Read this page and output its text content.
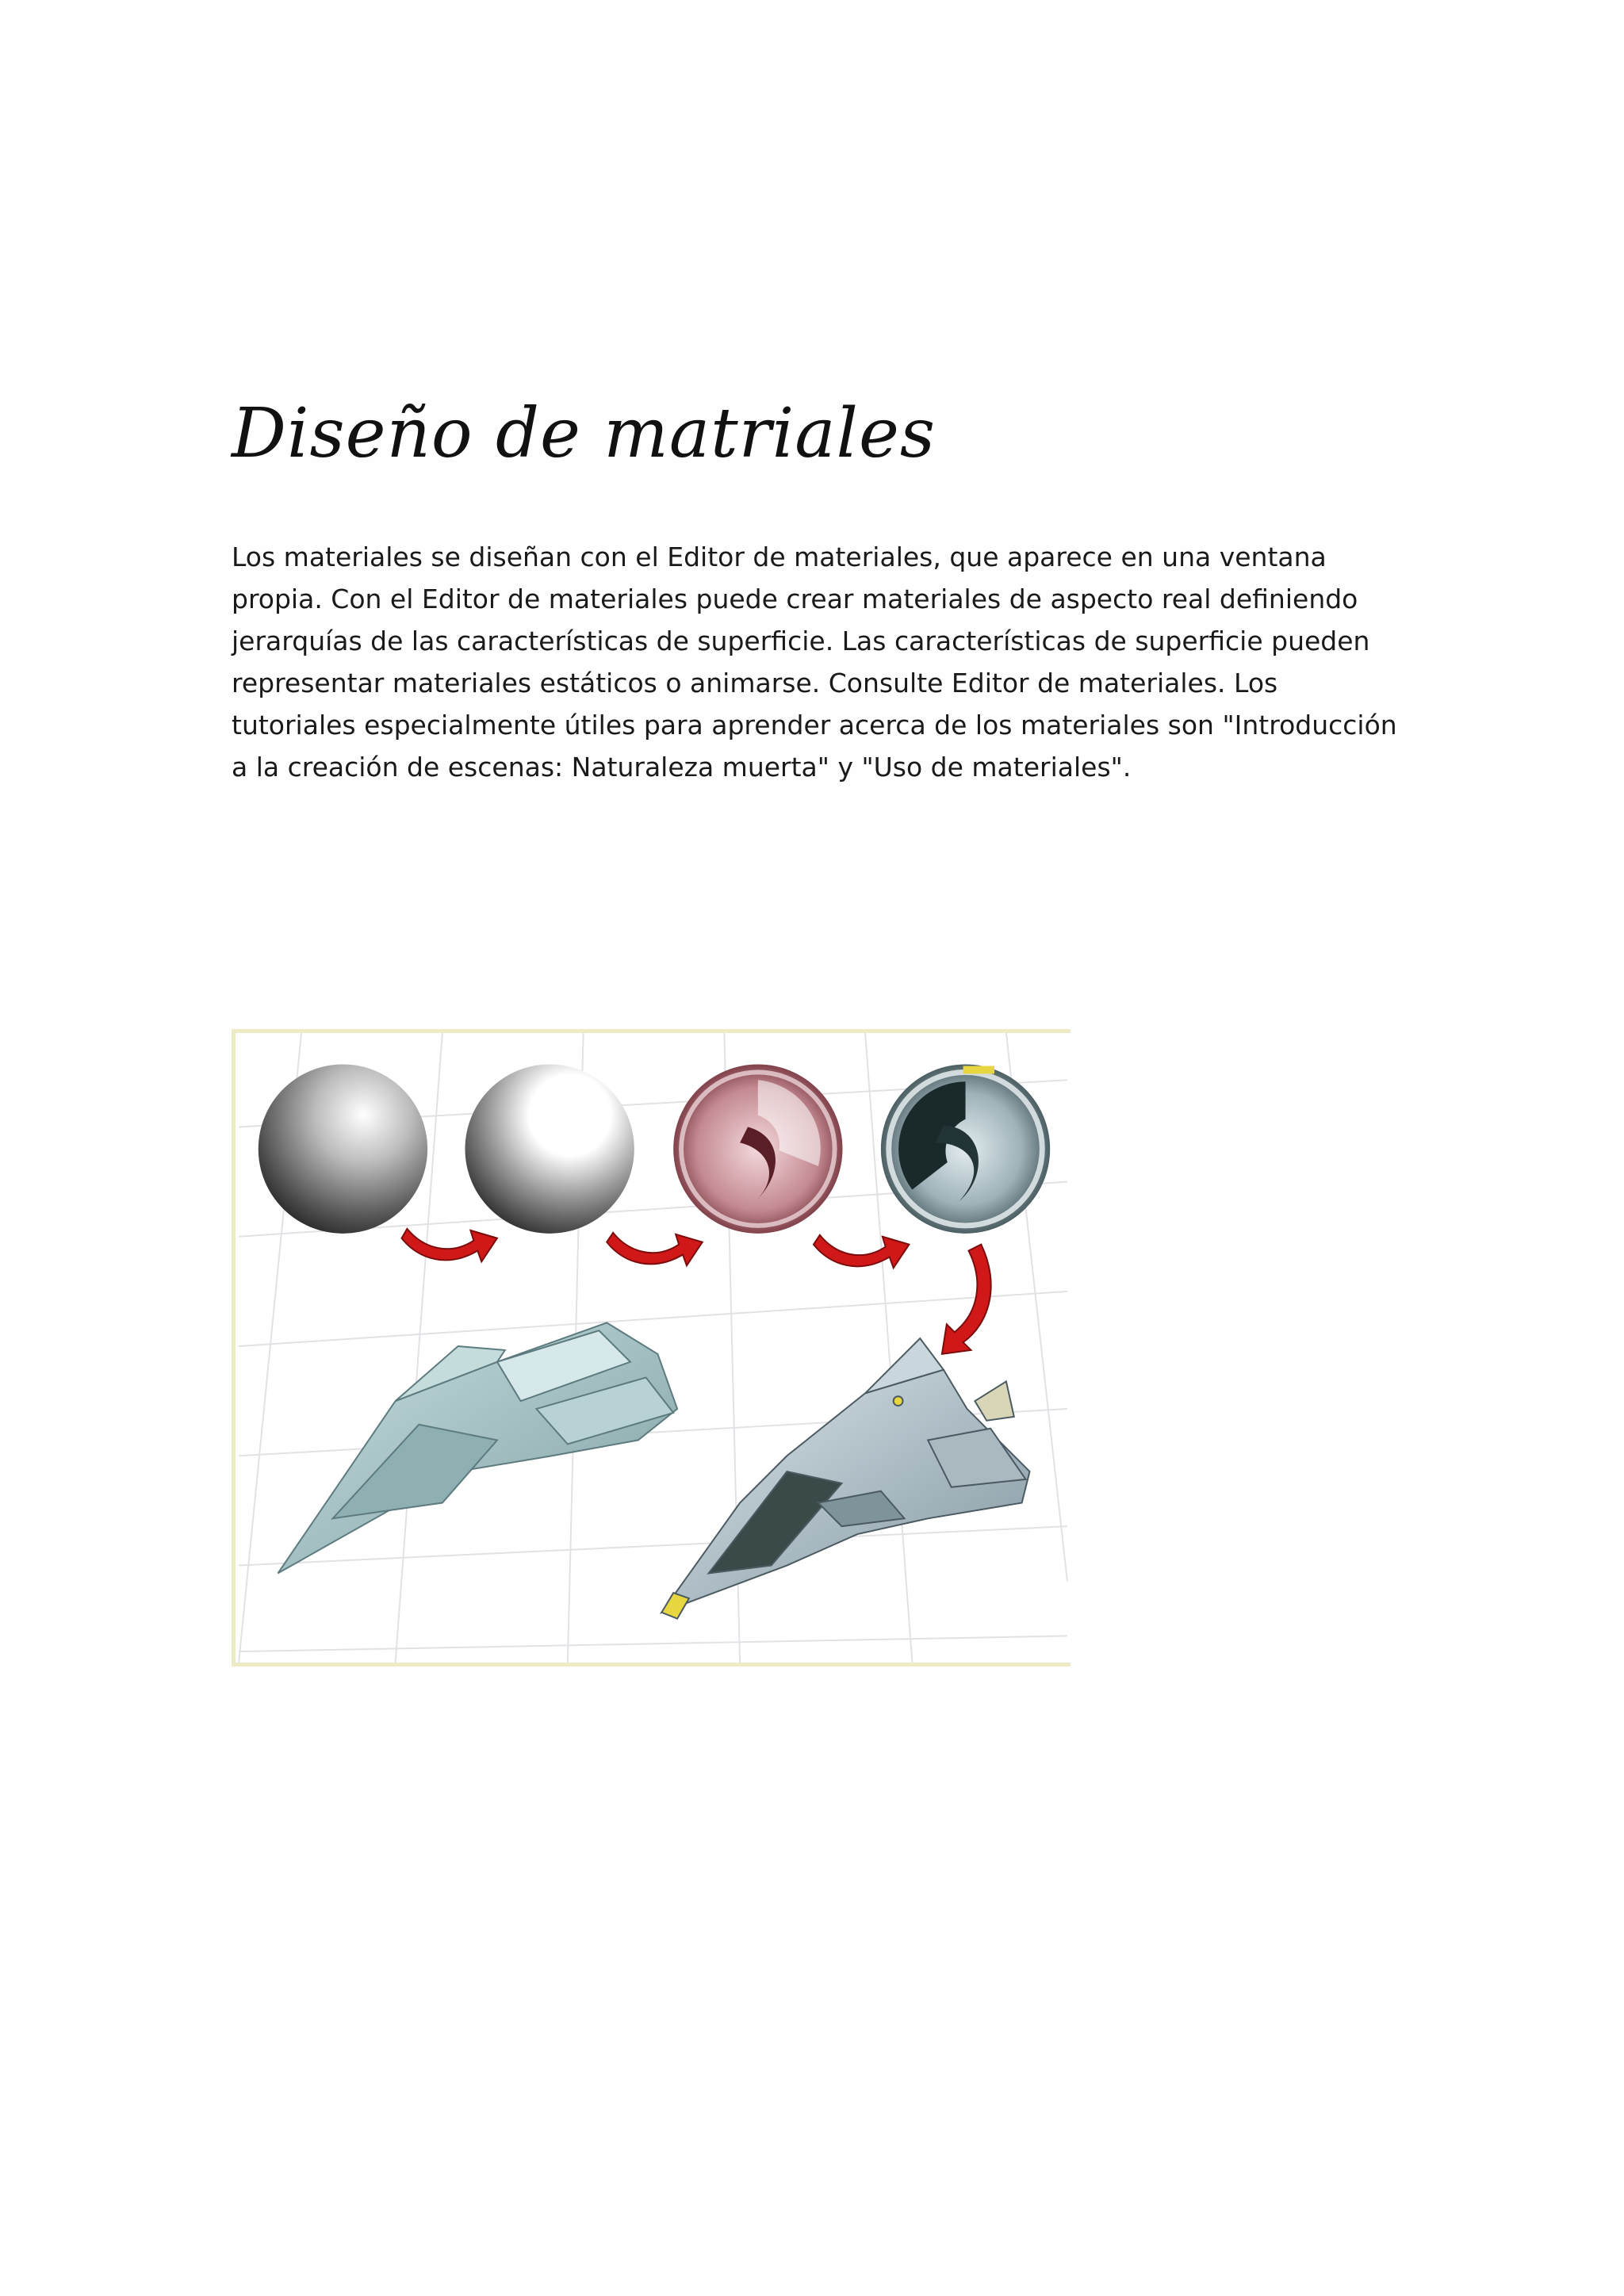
Diseño de matriales

Los materiales se diseñan con el Editor de materiales, que aparece en una ventana propia. Con el Editor de materiales puede crear materiales de aspecto real definiendo jerarquías de las características de superficie. Las características de superficie pueden representar materiales estáticos o animarse. Consulte Editor de materiales. Los tutoriales especialmente útiles para aprender acerca de los materiales son "Introducción a la creación de escenas: Naturaleza muerta" y "Uso de materiales".
